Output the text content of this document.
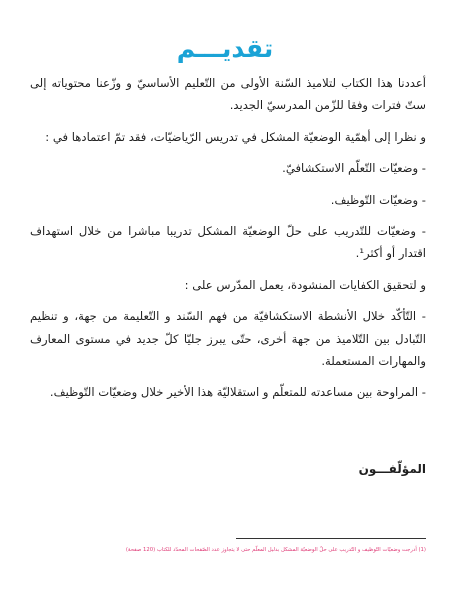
تقديـــم

أعددنا هذا الكتاب لتلاميذ السّنة الأولى من التّعليم الأساسيّ و وزّعنا محتوياته إلى ستّ فترات وفقا للزّمن المدرسيّ الجديد.

و نظرا إلى أهمّية الوضعيّة المشكل في تدريس الرّياضيّات، فقد تمّ اعتمادها في :

- وضعيّات التّعلّم الاستكشافيّ.

- وضعيّات التّوظيف.

- وضعيّات للتّدريب على حلّ الوضعيّة المشكل تدريبا مباشرا من خلال استهداف اقتدار أو أكثر¹.

و لتحقيق الكفايات المنشودة، يعمل المدّرس على :

- التّأكّد خلال الأنشطة الاستكشافيّة من فهم السّند و التّعليمة من جهة، و تنظيم التّبادل بين التّلاميذ من جهة أخرى، حتّى يبرز جليّا كلّ جديد في مستوى المعارف والمهارات المستعملة.

- المراوحة بين مساعدته للمتعلّم و استقلاليّة هذا الأخير خلال وضعيّات التّوظيف.

المؤلّفـــون
(1) أدرجت وضعيّات التّوظيف و التّدريب على حلّ الوضعيّة المشكل بدليل المعلّم حتى لا يتجاوز عدد الصّفحات المحدّد للكتاب (120 صفحة)
